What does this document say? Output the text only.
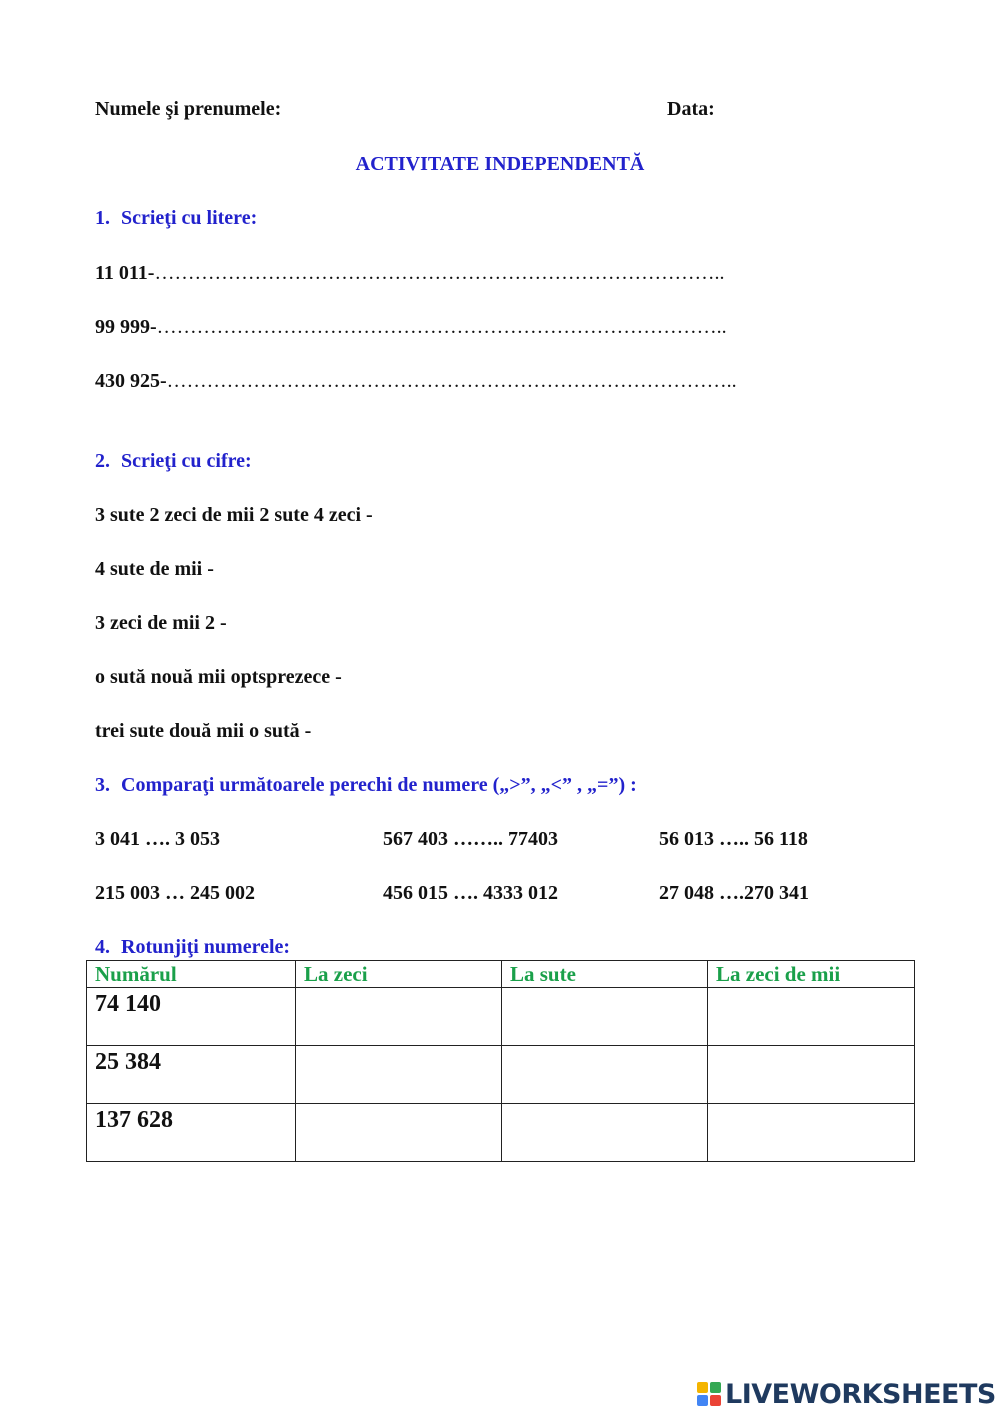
Numele şi prenumele:	Data:
ACTIVITATE INDEPENDENTĂ
1. Scrieţi cu litere:
11 011-…………………………………………………………………………..
99 999-…………………………………………………………………………..
430 925-…………………………………………………………………………..
2. Scrieţi cu cifre:
3 sute 2 zeci de mii 2 sute 4 zeci -
4 sute de mii -
3 zeci de mii 2 -
o sută nouă mii optsprezece -
trei sute două mii o sută -
3. Comparaţi următoarele perechi de numere („>”, „<” , „=”) :
3 041 …. 3 053	567 403 …….. 77403	56 013 ….. 56 118
215 003 … 245 002	456 015 …. 4333 012	27 048 ….270 341
4. Rotunjiţi numerele:
Numărul	La zeci	La sute	La zeci de mii
74 140			
25 384			
137 628			
LIVEWORKSHEETS
